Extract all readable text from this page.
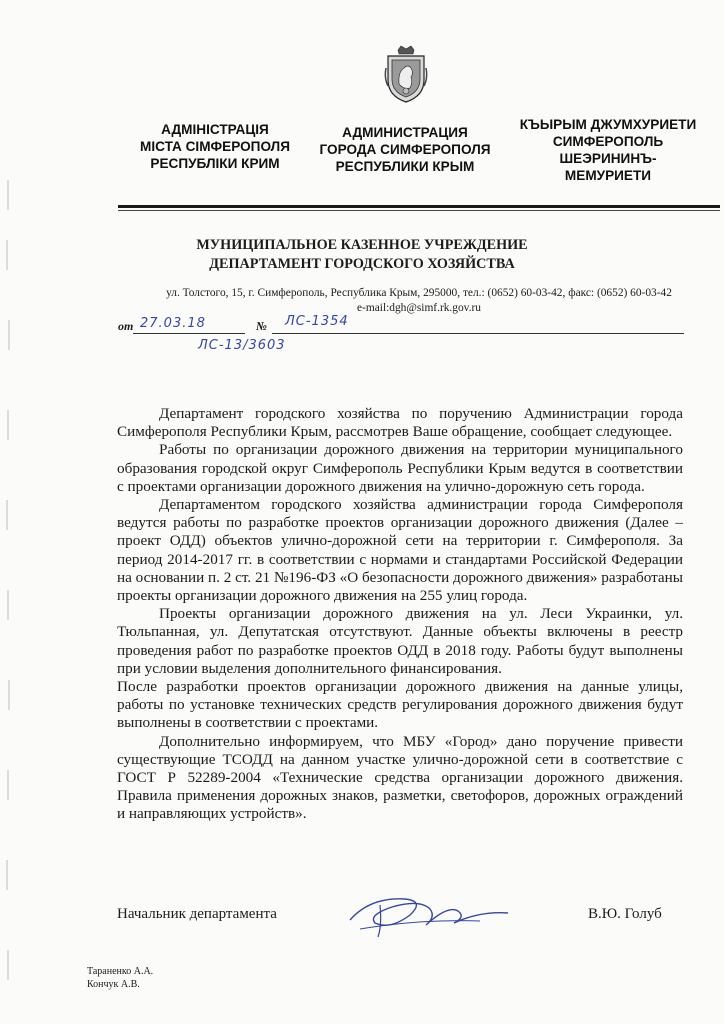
АДМІНІСТРАЦІЯ
МІСТА СІМФЕРОПОЛЯ
РЕСПУБЛІКИ КРИМ
АДМИНИСТРАЦИЯ
ГОРОДА СИМФЕРОПОЛЯ
РЕСПУБЛИКИ КРЫМ
КЪЫРЫМ ДЖУМХУРИЕТИ
СИМФЕРОПОЛЬ
ШЕЭРИНИНЪ-
МЕМУРИЕТИ
МУНИЦИПАЛЬНОЕ КАЗЕННОЕ УЧРЕЖДЕНИЕ
ДЕПАРТАМЕНТ ГОРОДСКОГО ХОЗЯЙСТВА
ул. Толстого, 15, г. Симферополь, Республика Крым, 295000, тел.: (0652) 60-03-42, факс: (0652) 60-03-42
e-mail:dgh@simf.rk.gov.ru
от 27.03.18	№ ЛС-1354
ЛС-13/3603

Департамент городского хозяйства по поручению Администрации города Симферополя Республики Крым, рассмотрев Ваше обращение, сообщает следующее.

Работы по организации дорожного движения на территории муниципального образования городской округ Симферополь Республики Крым ведутся в соответствии с проектами организации дорожного движения на улично-дорожную сеть города.

Департаментом городского хозяйства администрации города Симферополя ведутся работы по разработке проектов организации дорожного движения (Далее – проект ОДД) объектов улично-дорожной сети на территории г. Симферополя. За период 2014-2017 гг. в соответствии с нормами и стандартами Российской Федерации на основании п. 2 ст. 21 №196-ФЗ «О безопасности дорожного движения» разработаны проекты организации дорожного движения на 255 улиц города.

Проекты организации дорожного движения на ул. Леси Украинки, ул. Тюльпанная, ул. Депутатская отсутствуют. Данные объекты включены в реестр проведения работ по разработке проектов ОДД в 2018 году. Работы будут выполнены при условии выделения дополнительного финансирования.

После разработки проектов организации дорожного движения на данные улицы, работы по установке технических средств регулирования дорожного движения будут выполнены в соответствии с проектами.

Дополнительно информируем, что МБУ «Город» дано поручение привести существующие ТСОДД на данном участке улично-дорожной сети в соответствие с ГОСТ Р 52289-2004 «Технические средства организации дорожного движения. Правила применения дорожных знаков, разметки, светофоров, дорожных ограждений и направляющих устройств».

Начальник департамента	В.Ю. Голуб
Тараненко А.А.
Кончук А.В.
